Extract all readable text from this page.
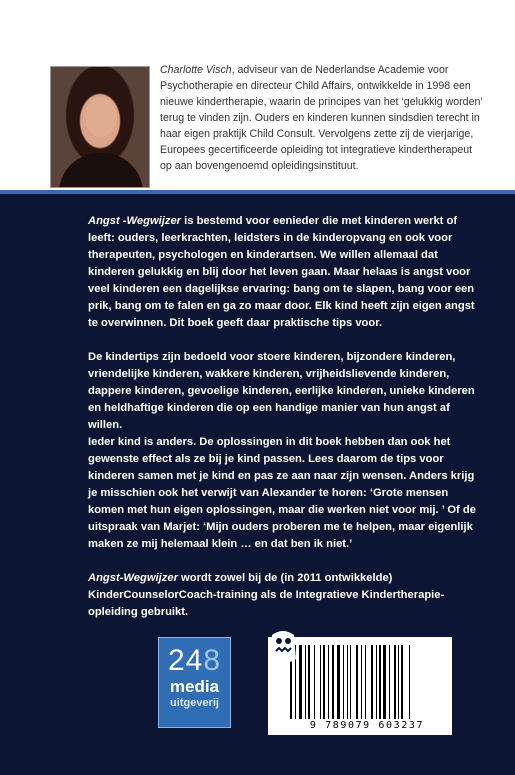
Charlotte Visch, adviseur van de Nederlandse Academie voor Psychotherapie en directeur Child Affairs, ontwikkelde in 1998 een nieuwe kindertherapie, waarin de principes van het ‘gelukkig worden’ terug te vinden zijn. Ouders en kinderen kunnen sindsdien terecht in haar eigen praktijk Child Consult. Vervolgens zette zij de vierjarige, Europees gecertificeerde opleiding tot integratieve kindertherapeut op aan bovengenoemd opleidingsinstituut.

Angst -Wegwijzer is bestemd voor eenieder die met kinderen werkt of leeft: ouders, leerkrachten, leidsters in de kinderopvang en ook voor therapeuten, psychologen en kinderartsen. We willen allemaal dat kinderen gelukkig en blij door het leven gaan. Maar helaas is angst voor veel kinderen een dagelijkse ervaring: bang om te slapen, bang voor een prik, bang om te falen en ga zo maar door. Elk kind heeft zijn eigen angst te overwinnen. Dit boek geeft daar praktische tips voor.

De kindertips zijn bedoeld voor stoere kinderen, bijzondere kinderen, vriendelijke kinderen, wakkere kinderen, vrijheidslievende kinderen, dappere kinderen, gevoelige kinderen, eerlijke kinderen, unieke kinderen en heldhaftige kinderen die op een handige manier van hun angst af willen.

Ieder kind is anders. De oplossingen in dit boek hebben dan ook het gewenste effect als ze bij je kind passen. Lees daarom de tips voor kinderen samen met je kind en pas ze aan naar zijn wensen. Anders krijg je misschien ook het verwijt van Alexander te horen: ‘Grote mensen komen met hun eigen oplossingen, maar die werken niet voor mij. ’ Of de uitspraak van Marjet: ‘Mijn ouders proberen me te helpen, maar eigenlijk maken ze mij helemaal klein … en dat ben ik niet.’

Angst-Wegwijzer wordt zowel bij de (in 2011 ontwikkelde) KinderCounselorCoach-training als de Integratieve Kindertherapie-opleiding gebruikt.

248
media
uitgeverij
9 789079 603237
